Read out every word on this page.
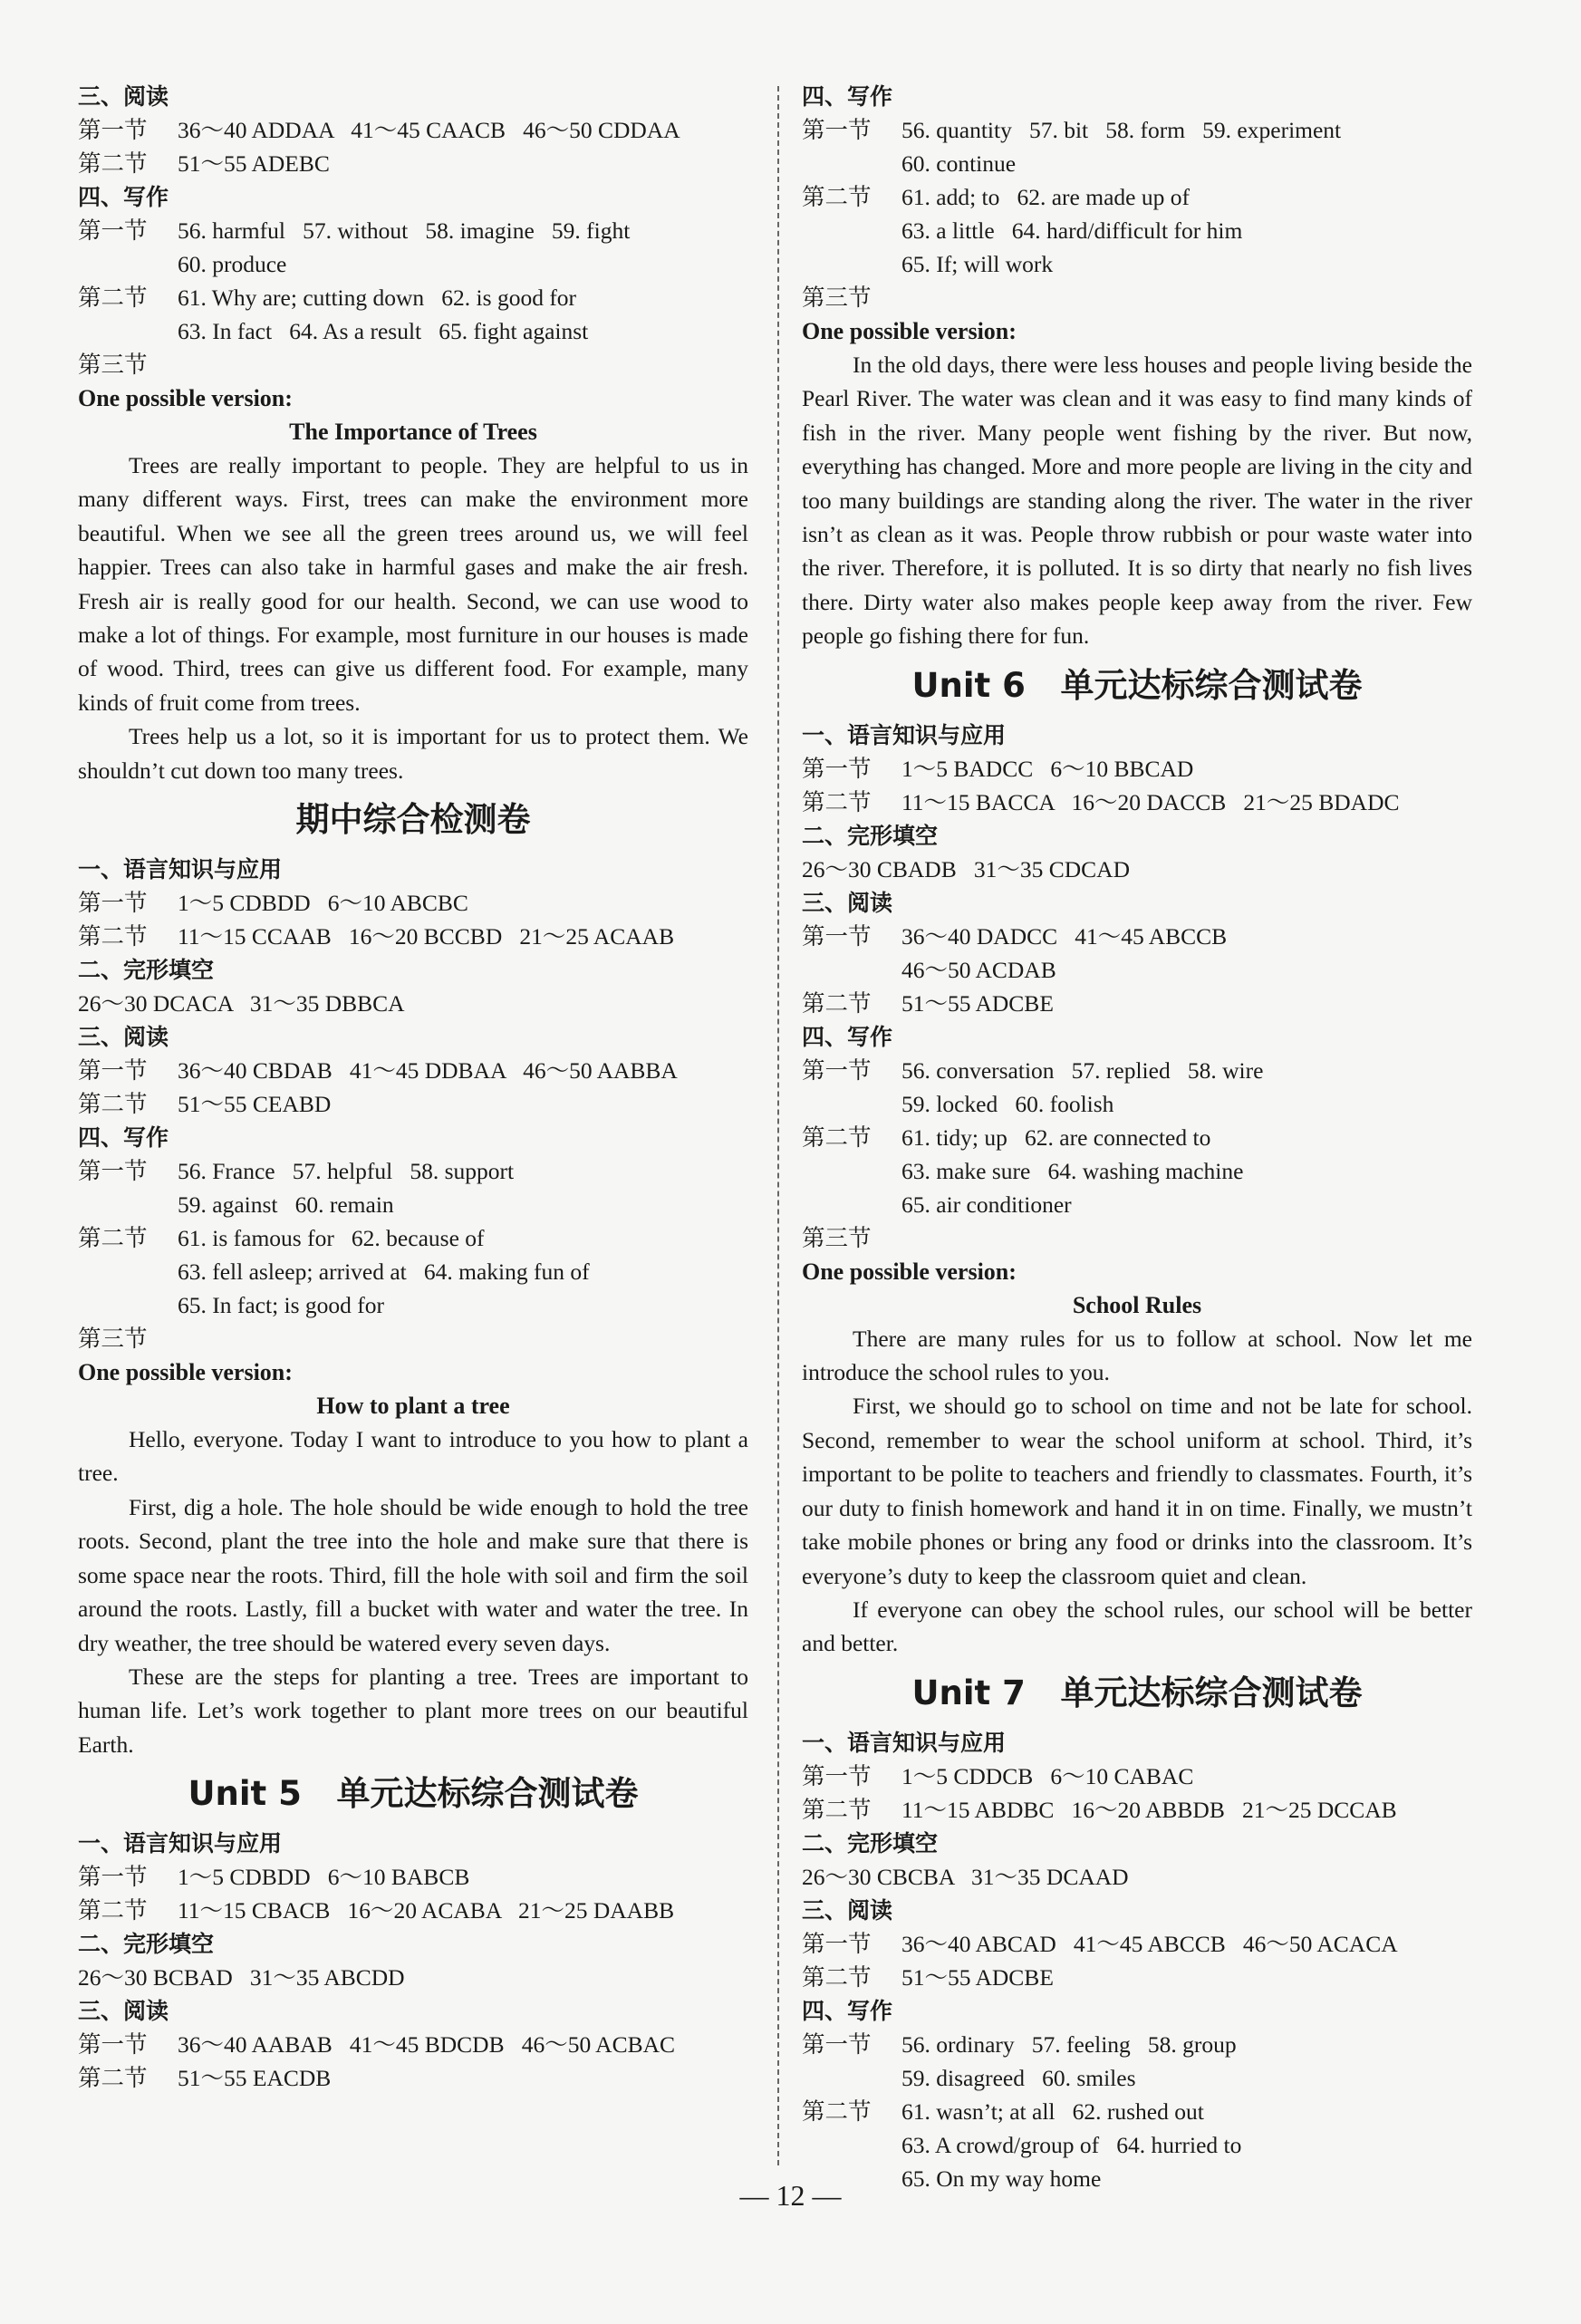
三、阅读
第一节 36～40 ADDAA   41～45 CAACB   46～50 CDDAA
第二节 51～55 ADEBC
四、写作
第一节 56. harmful   57. without   58. imagine   59. fight
60. produce
第二节 61. Why are; cutting down   62. is good for
63. In fact   64. As a result   65. fight against
第三节
One possible version:
The Importance of Trees

Trees are really important to people. They are helpful to us in many different ways. First, trees can make the environment more beautiful. When we see all the green trees around us, we will feel happier. Trees can also take in harmful gases and make the air fresh. Fresh air is really good for our health. Second, we can use wood to make a lot of things. For example, most furniture in our houses is made of wood. Third, trees can give us different food. For example, many kinds of fruit come from trees.

Trees help us a lot, so it is important for us to protect them. We shouldn’t cut down too many trees.

期中综合检测卷
一、语言知识与应用
第一节 1～5 CDBDD   6～10 ABCBC
第二节 11～15 CCAAB   16～20 BCCBD   21～25 ACAAB
二、完形填空
26～30 DCACA   31～35 DBBCA
三、阅读
第一节 36～40 CBDAB   41～45 DDBAA   46～50 AABBA
第二节 51～55 CEABD
四、写作
第一节 56. France   57. helpful   58. support
59. against   60. remain
第二节 61. is famous for   62. because of
63. fell asleep; arrived at   64. making fun of
65. In fact; is good for
第三节
One possible version:
How to plant a tree

Hello, everyone. Today I want to introduce to you how to plant a tree.

First, dig a hole. The hole should be wide enough to hold the tree roots. Second, plant the tree into the hole and make sure that there is some space near the roots. Third, fill the hole with soil and firm the soil around the roots. Lastly, fill a bucket with water and water the tree. In dry weather, the tree should be watered every seven days.

These are the steps for planting a tree. Trees are important to human life. Let’s work together to plant more trees on our beautiful Earth.

Unit 5   单元达标综合测试卷
一、语言知识与应用
第一节 1～5 CDBDD   6～10 BABCB
第二节 11～15 CBACB   16～20 ACABA   21～25 DAABB
二、完形填空
26～30 BCBAD   31～35 ABCDD
三、阅读
第一节 36～40 AABAB   41～45 BDCDB   46～50 ACBAC
第二节 51～55 EACDB
四、写作
第一节 56. quantity   57. bit   58. form   59. experiment
60. continue
第二节 61. add; to   62. are made up of
63. a little   64. hard/difficult for him
65. If; will work
第三节
One possible version:

In the old days, there were less houses and people living beside the Pearl River. The water was clean and it was easy to find many kinds of fish in the river. Many people went fishing by the river. But now, everything has changed. More and more people are living in the city and too many buildings are standing along the river. The water in the river isn’t as clean as it was. People throw rubbish or pour waste water into the river. Therefore, it is polluted. It is so dirty that nearly no fish lives there. Dirty water also makes people keep away from the river. Few people go fishing there for fun.

Unit 6   单元达标综合测试卷
一、语言知识与应用
第一节 1～5 BADCC   6～10 BBCAD
第二节 11～15 BACCA   16～20 DACCB   21～25 BDADC
二、完形填空
26～30 CBADB   31～35 CDCAD
三、阅读
第一节 36～40 DADCC   41～45 ABCCB
46～50 ACDAB
第二节 51～55 ADCBE
四、写作
第一节 56. conversation   57. replied   58. wire
59. locked   60. foolish
第二节 61. tidy; up   62. are connected to
63. make sure   64. washing machine
65. air conditioner
第三节
One possible version:
School Rules

There are many rules for us to follow at school. Now let me introduce the school rules to you.

First, we should go to school on time and not be late for school. Second, remember to wear the school uniform at school. Third, it’s important to be polite to teachers and friendly to classmates. Fourth, it’s our duty to finish homework and hand it in on time. Finally, we mustn’t take mobile phones or bring any food or drinks into the classroom. It’s everyone’s duty to keep the classroom quiet and clean.

If everyone can obey the school rules, our school will be better and better.

Unit 7   单元达标综合测试卷
一、语言知识与应用
第一节 1～5 CDDCB   6～10 CABAC
第二节 11～15 ABDBC   16～20 ABBDB   21～25 DCCAB
二、完形填空
26～30 CBCBA   31～35 DCAAD
三、阅读
第一节 36～40 ABCAD   41～45 ABCCB   46～50 ACACA
第二节 51～55 ADCBE
四、写作
第一节 56. ordinary   57. feeling   58. group
59. disagreed   60. smiles
第二节 61. wasn’t; at all   62. rushed out
63. A crowd/group of   64. hurried to
65. On my way home
— 12 —
